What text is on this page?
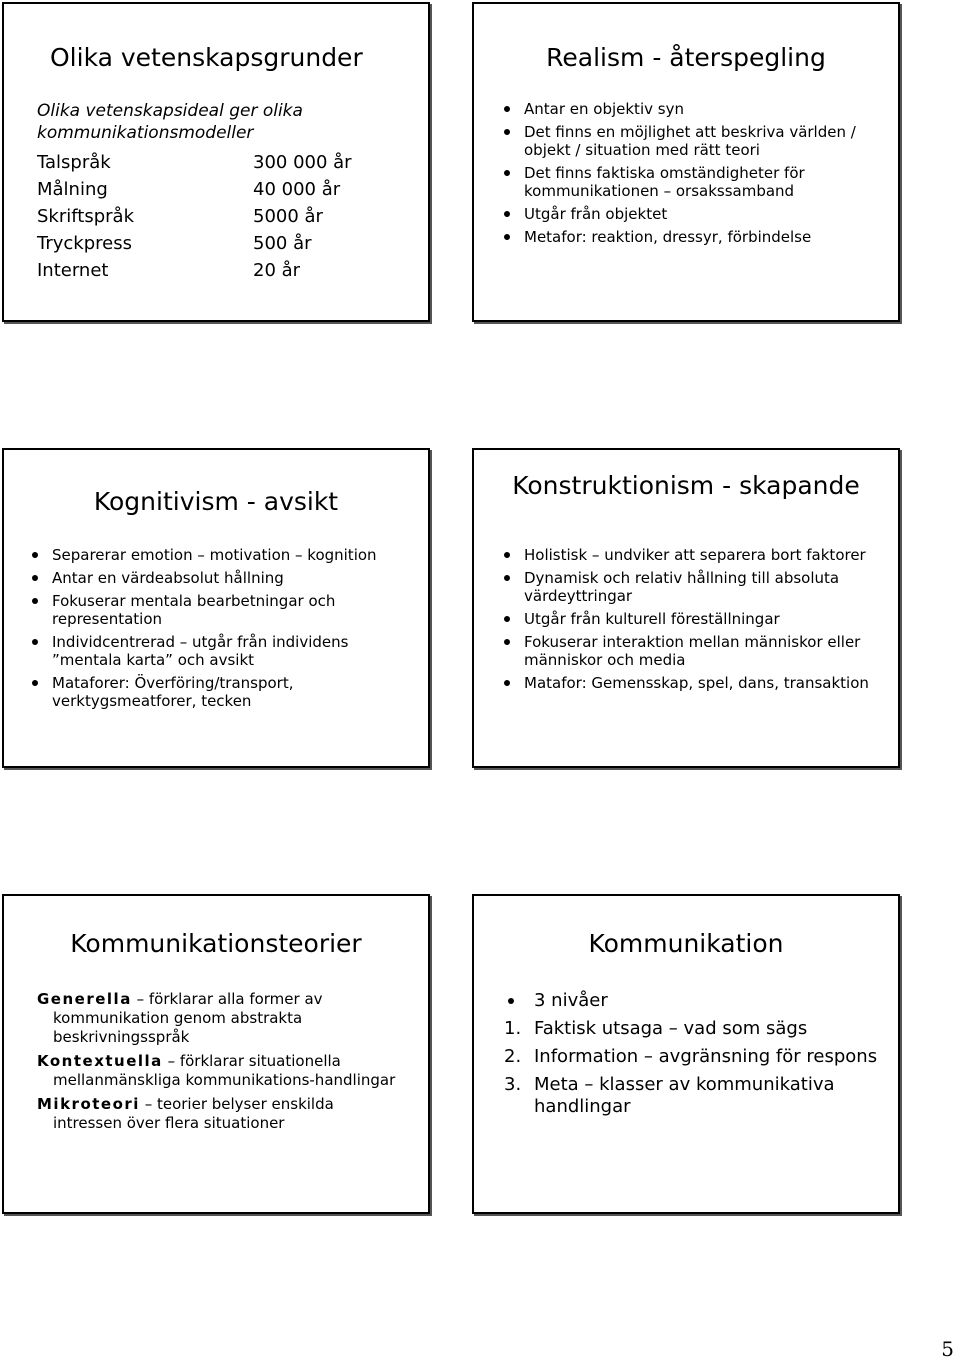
Olika vetenskapsgrunder
Olika vetenskapsideal ger olika kommunikationsmodeller
Talspråk	300 000 år
Målning	40 000 år
Skriftspråk	5000 år
Tryckpress	500 år
Internet	20 år
Realism - återspegling
Antar en objektiv syn
Det finns en möjlighet att beskriva världen / objekt / situation med rätt teori
Det finns faktiska omständigheter för kommunikationen – orsakssamband
Utgår från objektet
Metafor: reaktion, dressyr, förbindelse
Kognitivism - avsikt
Separerar emotion – motivation – kognition
Antar en värdeabsolut hållning
Fokuserar mentala bearbetningar och representation
Individcentrerad – utgår från individens ”mentala karta” och avsikt
Mataforer: Överföring/transport, verktygsmeatforer, tecken
Konstruktionism - skapande
Holistisk – undviker att separera bort faktorer
Dynamisk och relativ hållning till absoluta värdeyttringar
Utgår från kulturell föreställningar
Fokuserar interaktion mellan människor eller människor och media
Matafor: Gemensskap, spel, dans, transaktion
Kommunikationsteorier
Generella – förklarar alla former av kommunikation genom abstrakta beskrivningsspråk
Kontextuella – förklarar situationella mellanmänskliga kommunikations-handlingar
Mikroteori – teorier belyser enskilda intressen över flera situationer
Kommunikation
3 nivåer
1. Faktisk utsaga – vad som sägs
2. Information – avgränsning för respons
3. Meta – klasser av kommunikativa handlingar
5
